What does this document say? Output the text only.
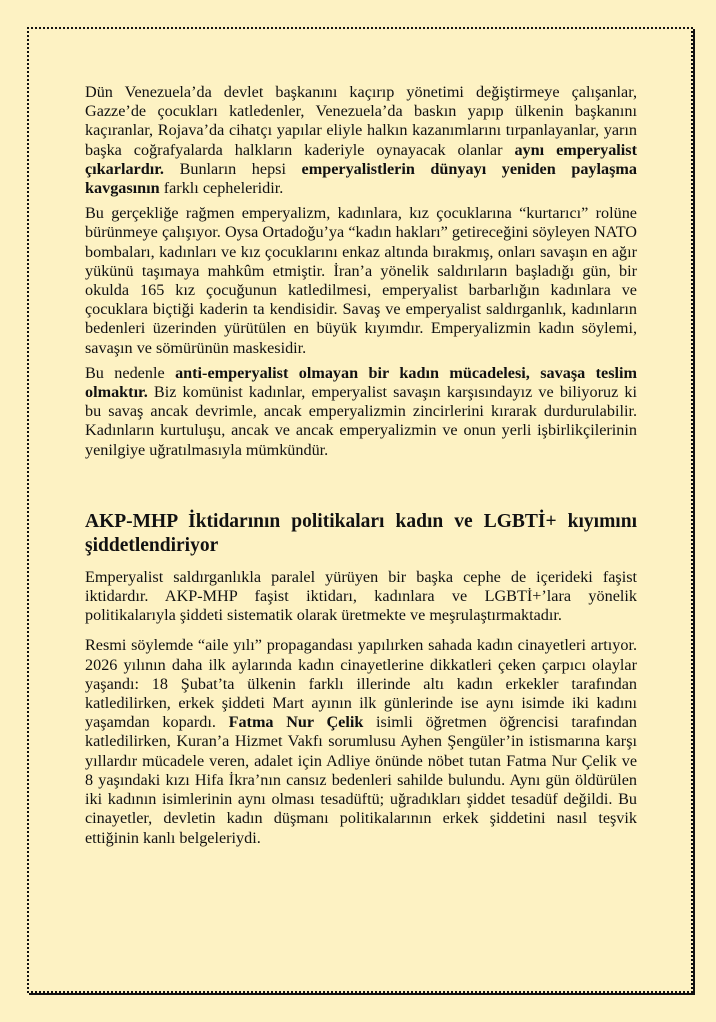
Dün Venezuela’da devlet başkanını kaçırıp yönetimi değiştirmeye çalışanlar, Gazze’de çocukları katledenler, Venezuela’da baskın yapıp ülkenin başkanını kaçıranlar, Rojava’da cihatçı yapılar eliyle halkın kazanımlarını tırpanlayanlar, yarın başka coğrafyalarda halkların kaderiyle oynayacak olanlar aynı emperyalist çıkarlardır. Bunların hepsi emperyalistlerin dünyayı yeniden paylaşma kavgasının farklı cepheleridir.

Bu gerçekliğe rağmen emperyalizm, kadınlara, kız çocuklarına “kurtarıcı” rolüne bürünmeye çalışıyor. Oysa Ortadoğu’ya “kadın hakları” getireceğini söyleyen NATO bombaları, kadınları ve kız çocuklarını enkaz altında bırakmış, onları savaşın en ağır yükünü taşımaya mahkûm etmiştir. İran’a yönelik saldırıların başladığı gün, bir okulda 165 kız çocuğunun katledilmesi, emperyalist barbarlığın kadınlara ve çocuklara biçtiği kaderin ta kendisidir. Savaş ve emperyalist saldırganlık, kadınların bedenleri üzerinden yürütülen en büyük kıyımdır. Emperyalizmin kadın söylemi, savaşın ve sömürünün maskesidir.

Bu nedenle anti-emperyalist olmayan bir kadın mücadelesi, savaşa teslim olmaktır. Biz komünist kadınlar, emperyalist savaşın karşısındayız ve biliyoruz ki bu savaş ancak devrimle, ancak emperyalizmin zincirlerini kırarak durdurulabilir. Kadınların kurtuluşu, ancak ve ancak emperyalizmin ve onun yerli işbirlikçilerinin yenilgiye uğratılmasıyla mümkündür.

AKP-MHP İktidarının politikaları kadın ve LGBTİ+ kıyımını şiddetlendiriyor

Emperyalist saldırganlıkla paralel yürüyen bir başka cephe de içerideki faşist iktidardır. AKP-MHP faşist iktidarı, kadınlara ve LGBTİ+’lara yönelik politikalarıyla şiddeti sistematik olarak üretmekte ve meşrulaştırmaktadır.

Resmi söylemde “aile yılı” propagandası yapılırken sahada kadın cinayetleri artıyor. 2026 yılının daha ilk aylarında kadın cinayetlerine dikkatleri çeken çarpıcı olaylar yaşandı: 18 Şubat’ta ülkenin farklı illerinde altı kadın erkekler tarafından katledilirken, erkek şiddeti Mart ayının ilk günlerinde ise aynı isimde iki kadını yaşamdan kopardı. Fatma Nur Çelik isimli öğretmen öğrencisi tarafından katledilirken, Kuran’a Hizmet Vakfı sorumlusu Ayhen Şengüler’in istismarına karşı yıllardır mücadele veren, adalet için Adliye önünde nöbet tutan Fatma Nur Çelik ve 8 yaşındaki kızı Hifa İkra’nın cansız bedenleri sahilde bulundu. Aynı gün öldürülen iki kadının isimlerinin aynı olması tesadüftü; uğradıkları şiddet tesadüf değildi. Bu cinayetler, devletin kadın düşmanı politikalarının erkek şiddetini nasıl teşvik ettiğinin kanlı belgeleriydi.
